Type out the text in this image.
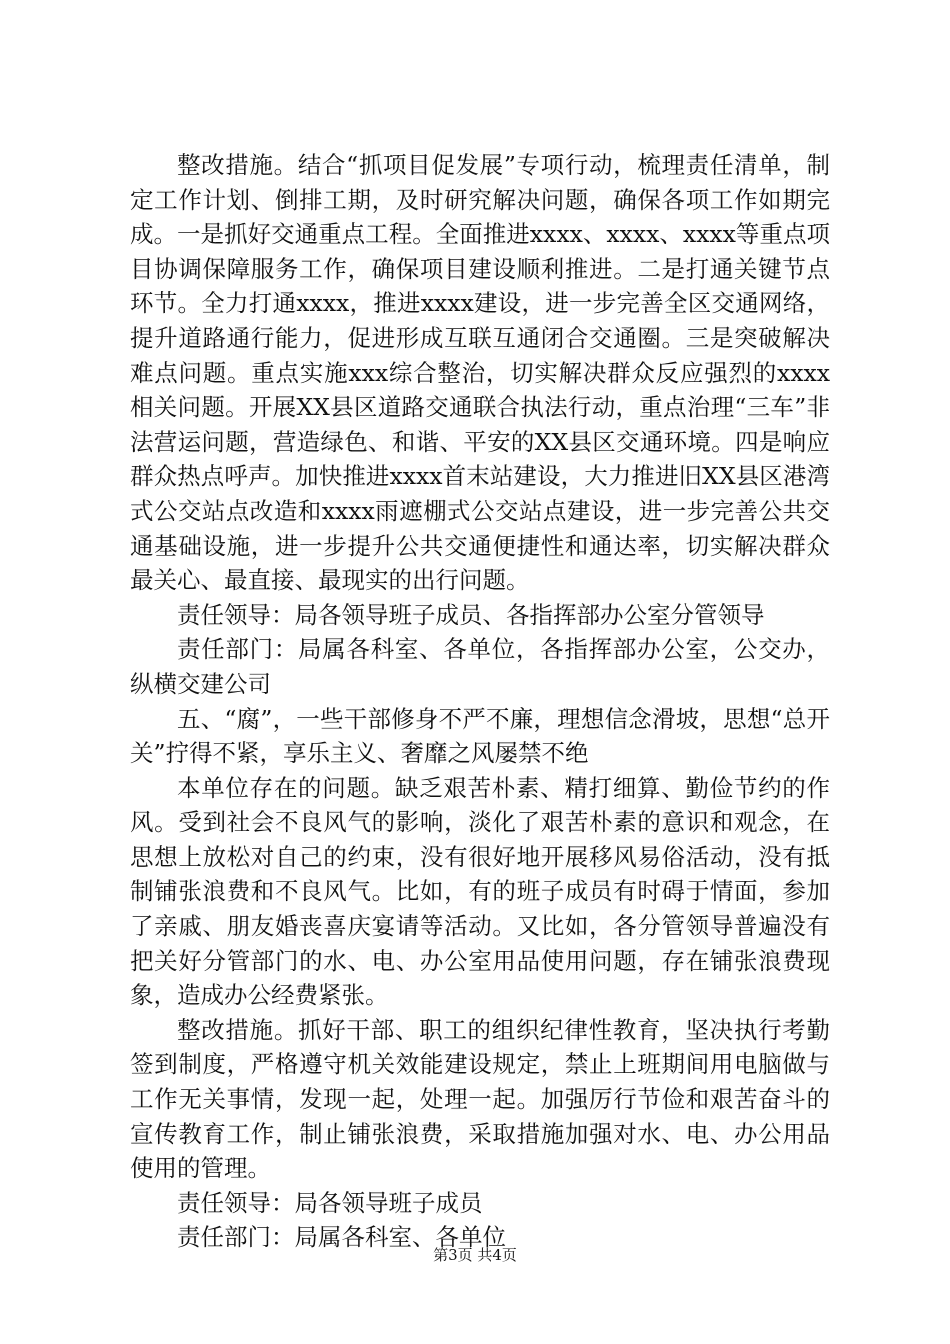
整改措施。结合“抓项目促发展”专项行动，梳理责任清单，制定工作计划、倒排工期，及时研究解决问题，确保各项工作如期完成。一是抓好交通重点工程。全面推进xxxx、xxxx、xxxx等重点项目协调保障服务工作，确保项目建设顺利推进。二是打通关键节点环节。全力打通xxxx，推进xxxx建设，进一步完善全区交通网络，提升道路通行能力，促进形成互联互通闭合交通圈。三是突破解决难点问题。重点实施xxx综合整治，切实解决群众反应强烈的xxxx相关问题。开展XX县区道路交通联合执法行动，重点治理“三车”非法营运问题，营造绿色、和谐、平安的XX县区交通环境。四是响应群众热点呼声。加快推进xxxx首末站建设，大力推进旧XX县区港湾式公交站点改造和xxxx雨遮棚式公交站点建设，进一步完善公共交通基础设施，进一步提升公共交通便捷性和通达率，切实解决群众最关心、最直接、最现实的出行问题。

责任领导：局各领导班子成员、各指挥部办公室分管领导

责任部门：局属各科室、各单位，各指挥部办公室，公交办，纵横交建公司

五、“腐”，一些干部修身不严不廉，理想信念滑坡，思想“总开关”拧得不紧，享乐主义、奢靡之风屡禁不绝

本单位存在的问题。缺乏艰苦朴素、精打细算、勤俭节约的作风。受到社会不良风气的影响，淡化了艰苦朴素的意识和观念，在思想上放松对自己的约束，没有很好地开展移风易俗活动，没有抵制铺张浪费和不良风气。比如，有的班子成员有时碍于情面，参加了亲戚、朋友婚丧喜庆宴请等活动。又比如，各分管领导普遍没有把关好分管部门的水、电、办公室用品使用问题，存在铺张浪费现象，造成办公经费紧张。

整改措施。抓好干部、职工的组织纪律性教育，坚决执行考勤签到制度，严格遵守机关效能建设规定，禁止上班期间用电脑做与工作无关事情，发现一起，处理一起。加强厉行节俭和艰苦奋斗的宣传教育工作，制止铺张浪费，采取措施加强对水、电、办公用品使用的管理。

责任领导：局各领导班子成员

责任部门：局属各科室、各单位

第3页 共4页
